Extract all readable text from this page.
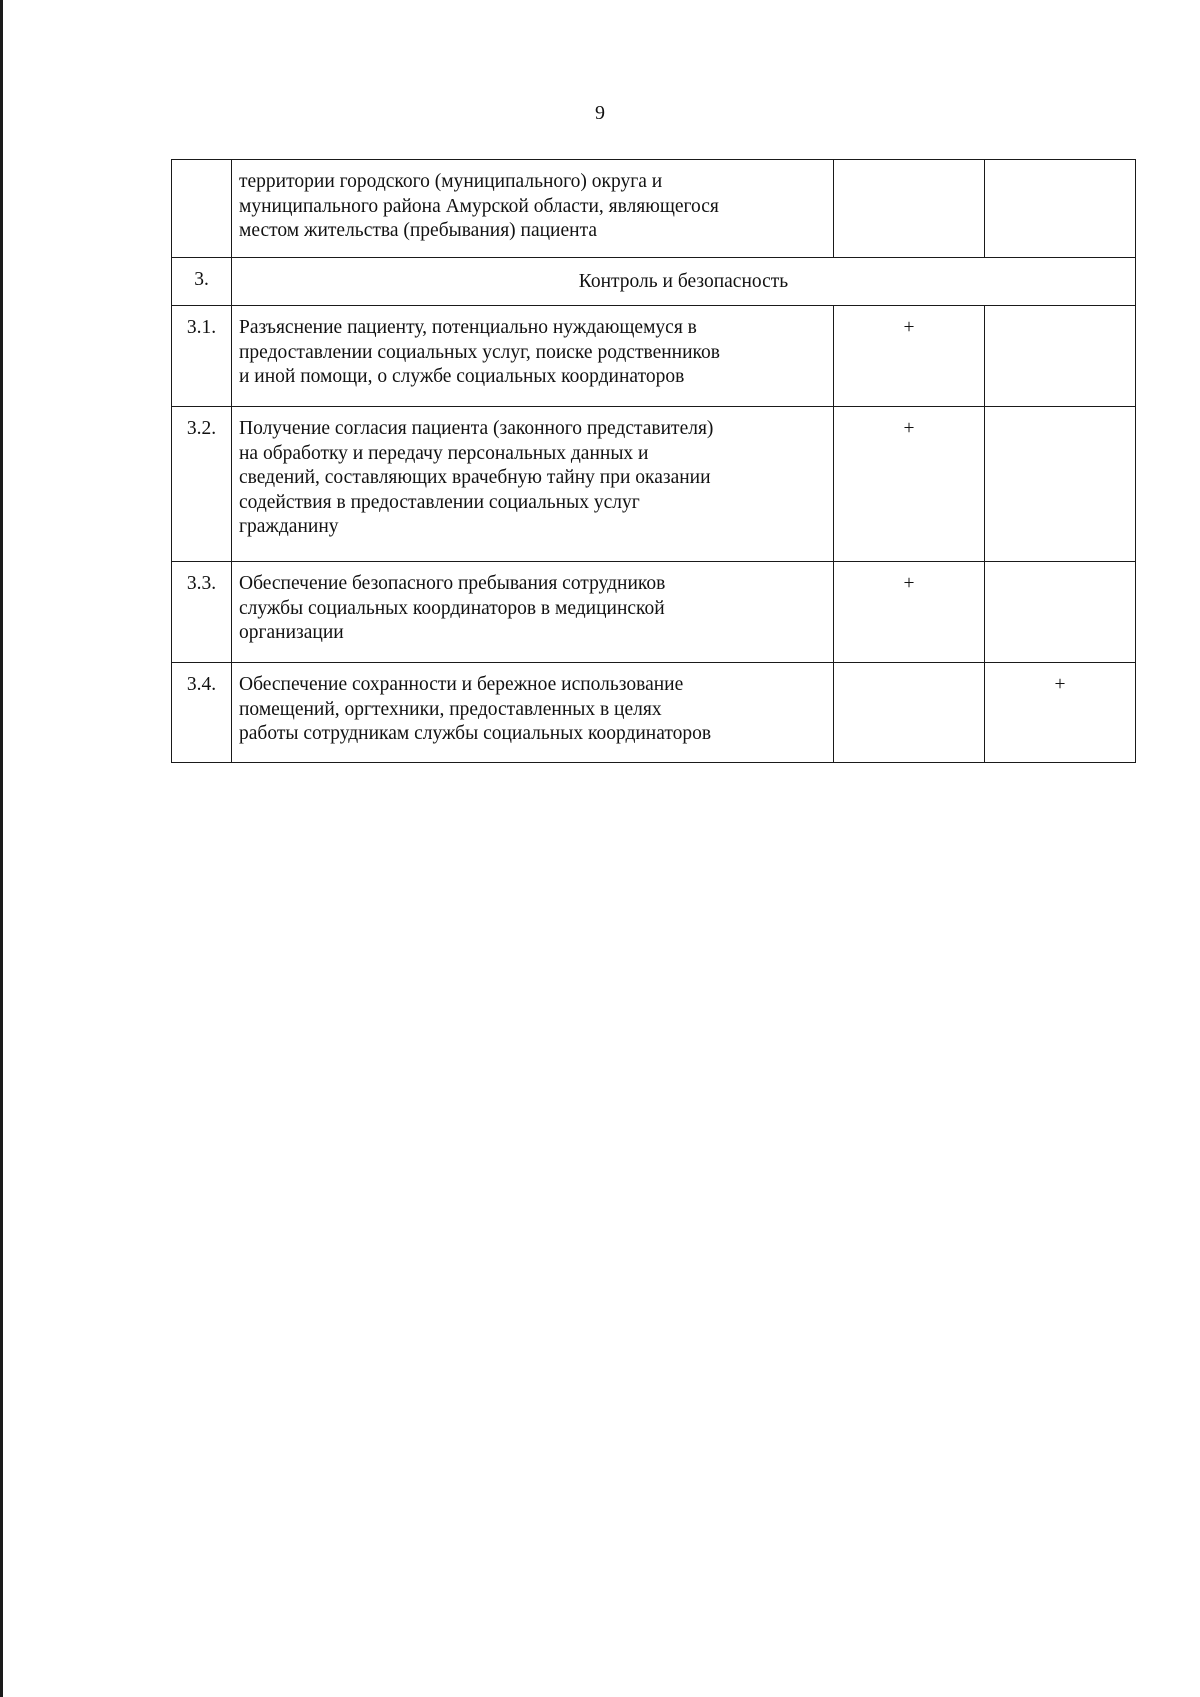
9

	территории городского (муниципального) округа и
муниципального района Амурской области, являющегося
местом жительства (пребывания) пациента		

3.	Контроль и безопасность		
3.1.	Разъяснение пациенту, потенциально нуждающемуся в
предоставлении социальных услуг, поиске родственников
и иной помощи, о службе социальных координаторов	+	
3.2.	Получение согласия пациента (законного представителя)
на обработку и передачу персональных данных и
сведений, составляющих врачебную тайну при оказании
содействия в предоставлении социальных услуг
гражданину	+	
3.3.	Обеспечение безопасного пребывания сотрудников
службы социальных координаторов в медицинской
организации	+	
3.4.	Обеспечение сохранности и бережное использование
помещений, оргтехники, предоставленных в целях
работы сотрудникам службы социальных координаторов		+
